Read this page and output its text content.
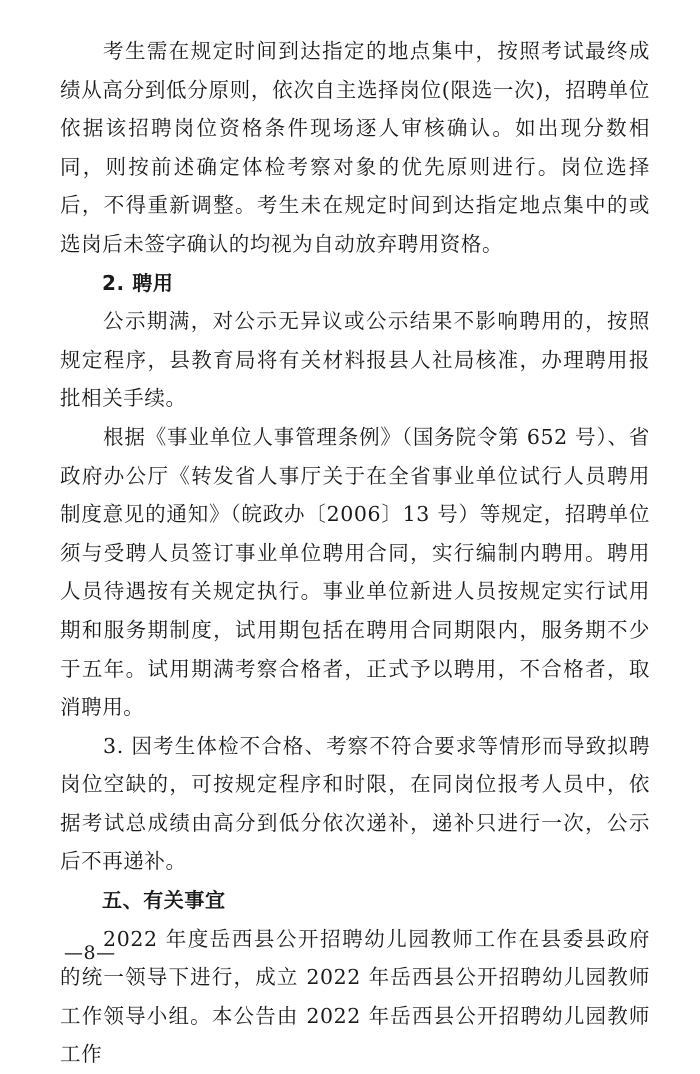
考生需在规定时间到达指定的地点集中，按照考试最终成绩从高分到低分原则，依次自主选择岗位(限选一次)，招聘单位依据该招聘岗位资格条件现场逐人审核确认。如出现分数相同，则按前述确定体检考察对象的优先原则进行。岗位选择后，不得重新调整。考生未在规定时间到达指定地点集中的或选岗后未签字确认的均视为自动放弃聘用资格。

2. 聘用

公示期满，对公示无异议或公示结果不影响聘用的，按照规定程序，县教育局将有关材料报县人社局核准，办理聘用报批相关手续。

根据《事业单位人事管理条例》（国务院令第 652 号）、省政府办公厅《转发省人事厅关于在全省事业单位试行人员聘用制度意见的通知》（皖政办〔2006〕13 号）等规定，招聘单位须与受聘人员签订事业单位聘用合同，实行编制内聘用。聘用人员待遇按有关规定执行。事业单位新进人员按规定实行试用期和服务期制度，试用期包括在聘用合同期限内，服务期不少于五年。试用期满考察合格者，正式予以聘用，不合格者，取消聘用。

3. 因考生体检不合格、考察不符合要求等情形而导致拟聘岗位空缺的，可按规定程序和时限，在同岗位报考人员中，依据考试总成绩由高分到低分依次递补，递补只进行一次，公示后不再递补。

五、有关事宜

2022 年度岳西县公开招聘幼儿园教师工作在县委县政府的统一领导下进行，成立 2022 年岳西县公开招聘幼儿园教师工作领导小组。本公告由 2022 年岳西县公开招聘幼儿园教师工作

—8—
